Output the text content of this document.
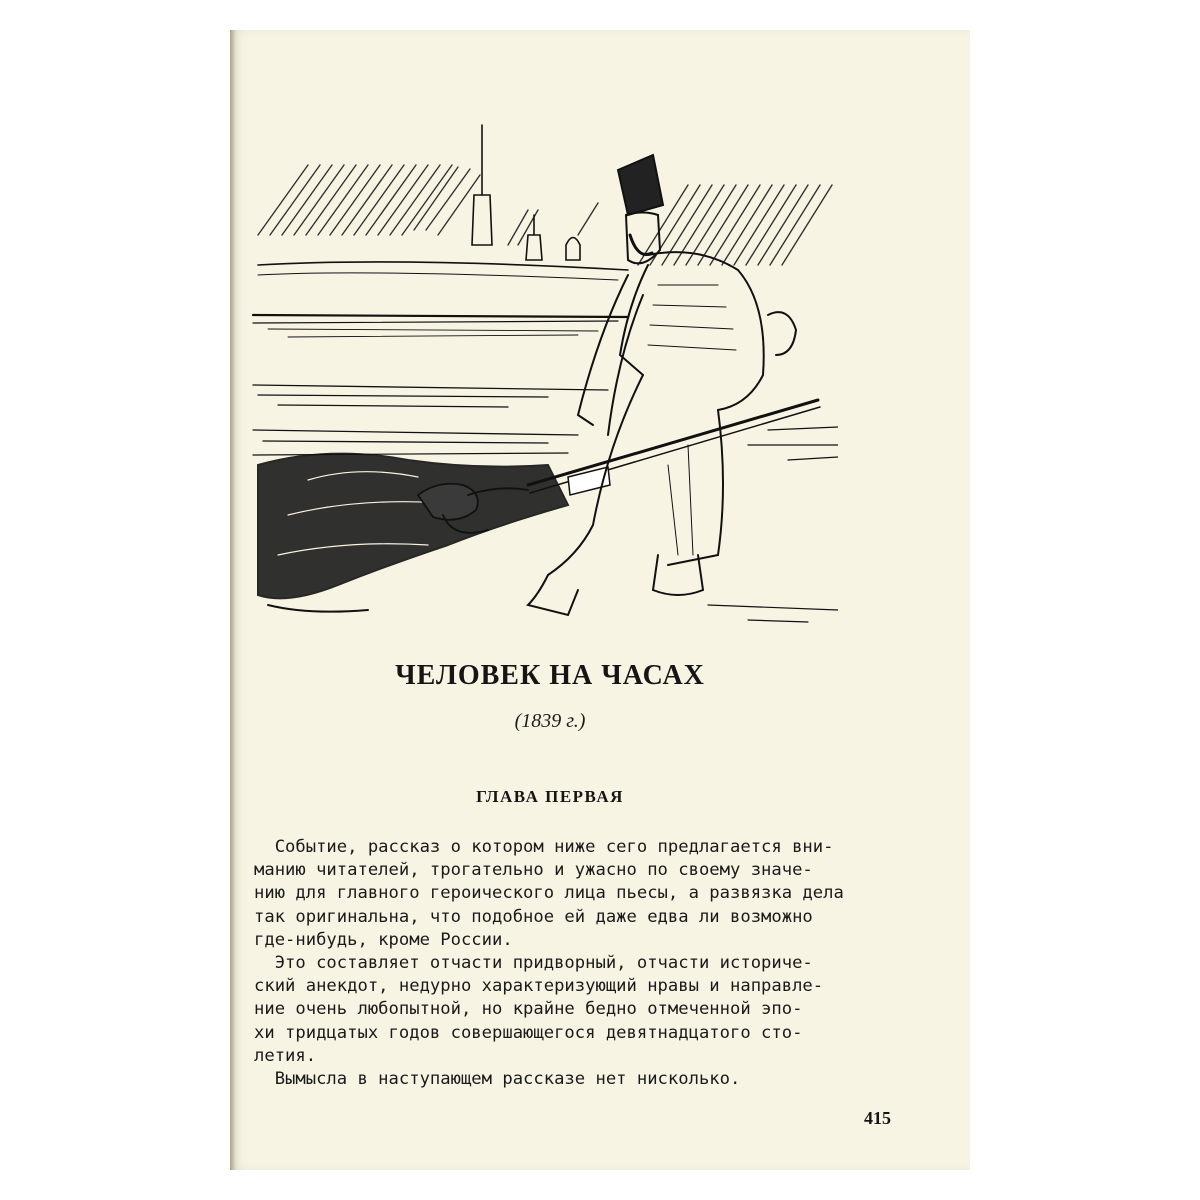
ЧЕЛОВЕК НА ЧАСАХ
(1839 г.)
ГЛАВА ПЕРВАЯ
Событие, рассказ о котором ниже сего предлагается вни-
манию читателей, трогательно и ужасно по своему значе-
нию для главного героического лица пьесы, а развязка дела
так оригинальна, что подобное ей даже едва ли возможно
где-нибудь, кроме России.
Это составляет отчасти придворный, отчасти историче-
ский анекдот, недурно характеризующий нравы и направле-
ние очень любопытной, но крайне бедно отмеченной эпо-
хи тридцатых годов совершающегося девятнадцатого сто-
летия.
Вымысла в наступающем рассказе нет нисколько.
415
